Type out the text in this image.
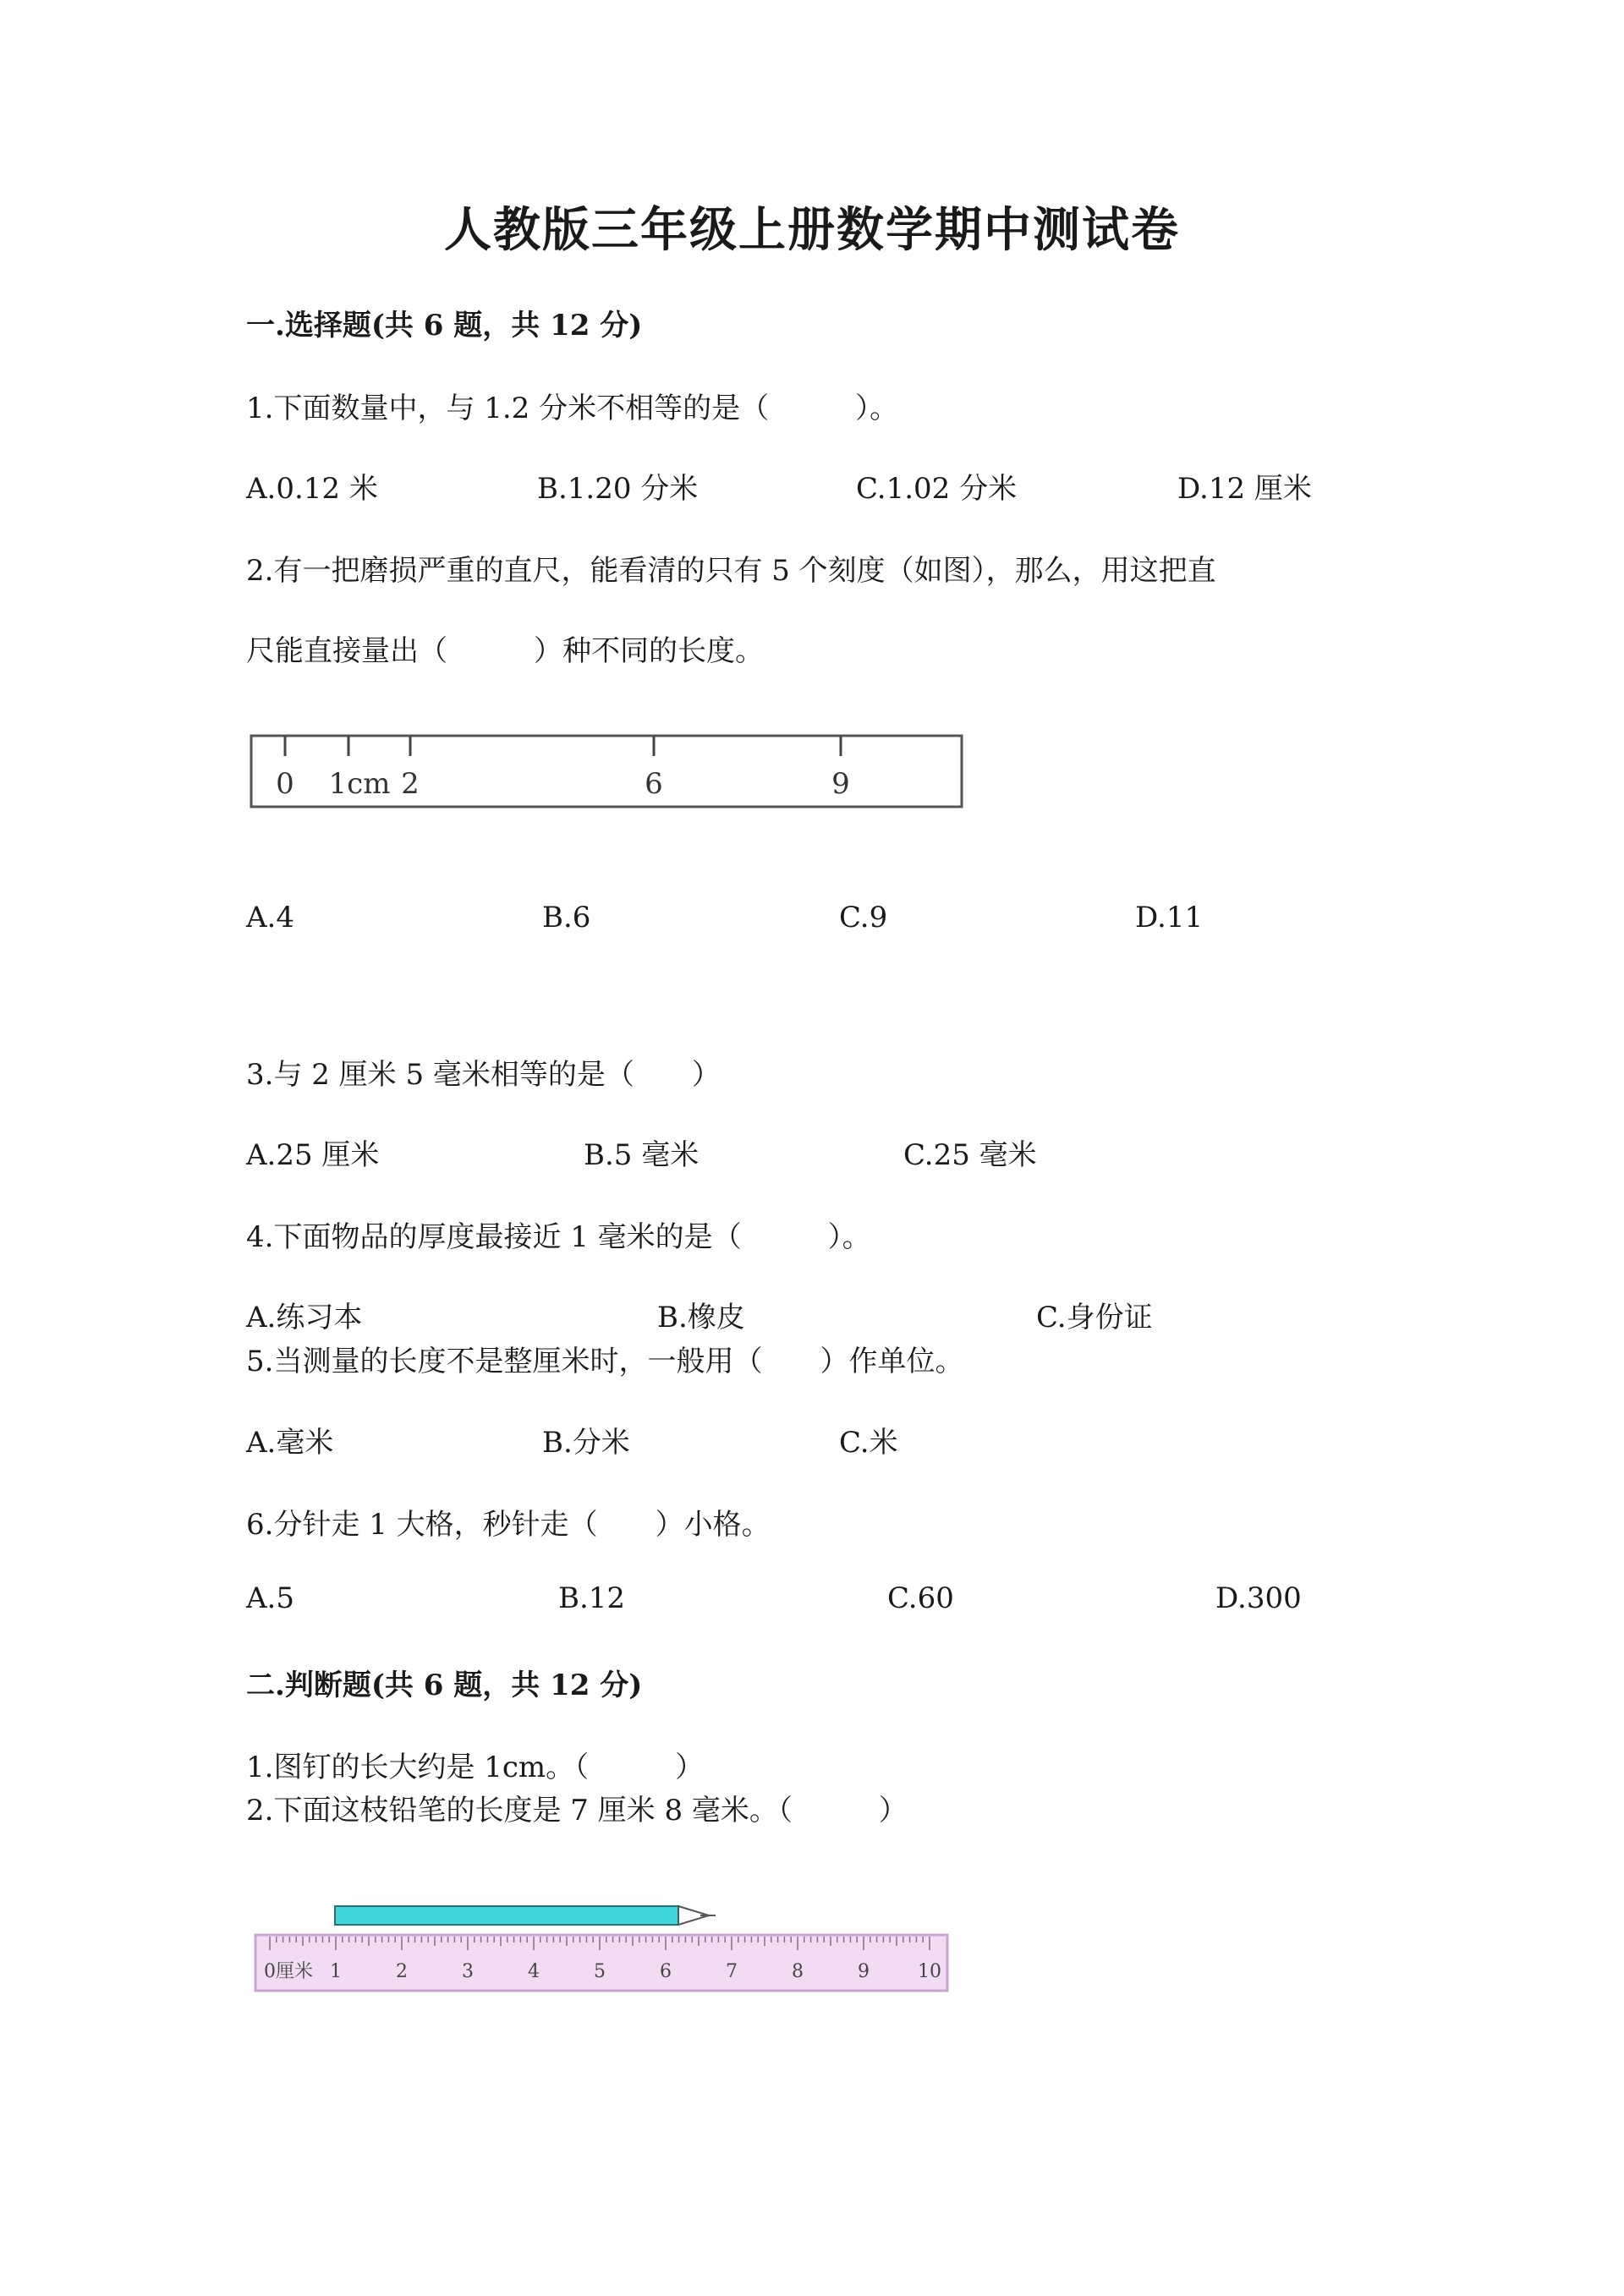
人教版三年级上册数学期中测试卷
一.选择题(共 6 题，共 12 分)
1.下面数量中，与 1.2 分米不相等的是（　　　）。
A.0.12 米	B.1.20 分米	C.1.02 分米	D.12 厘米
2.有一把磨损严重的直尺，能看清的只有 5 个刻度（如图），那么，用这把直
尺能直接量出（　　　）种不同的长度。
0 1cm 2	6	9
A.4	B.6	C.9	D.11
3.与 2 厘米 5 毫米相等的是（　　）
A.25 厘米	B.5 毫米	C.25 毫米
4.下面物品的厚度最接近 1 毫米的是（　　　）。
A.练习本	B.橡皮	C.身份证
5.当测量的长度不是整厘米时，一般用（　　）作单位。
A.毫米	B.分米	C.米
6.分针走 1 大格，秒针走（　　）小格。
A.5	B.12	C.60	D.300
二.判断题(共 6 题，共 12 分)
1.图钉的长大约是 1cm。（　　　）
2.下面这枝铅笔的长度是 7 厘米 8 毫米。（　　　）
0厘米 1	2	3	4	5	6	7	8	9	10
